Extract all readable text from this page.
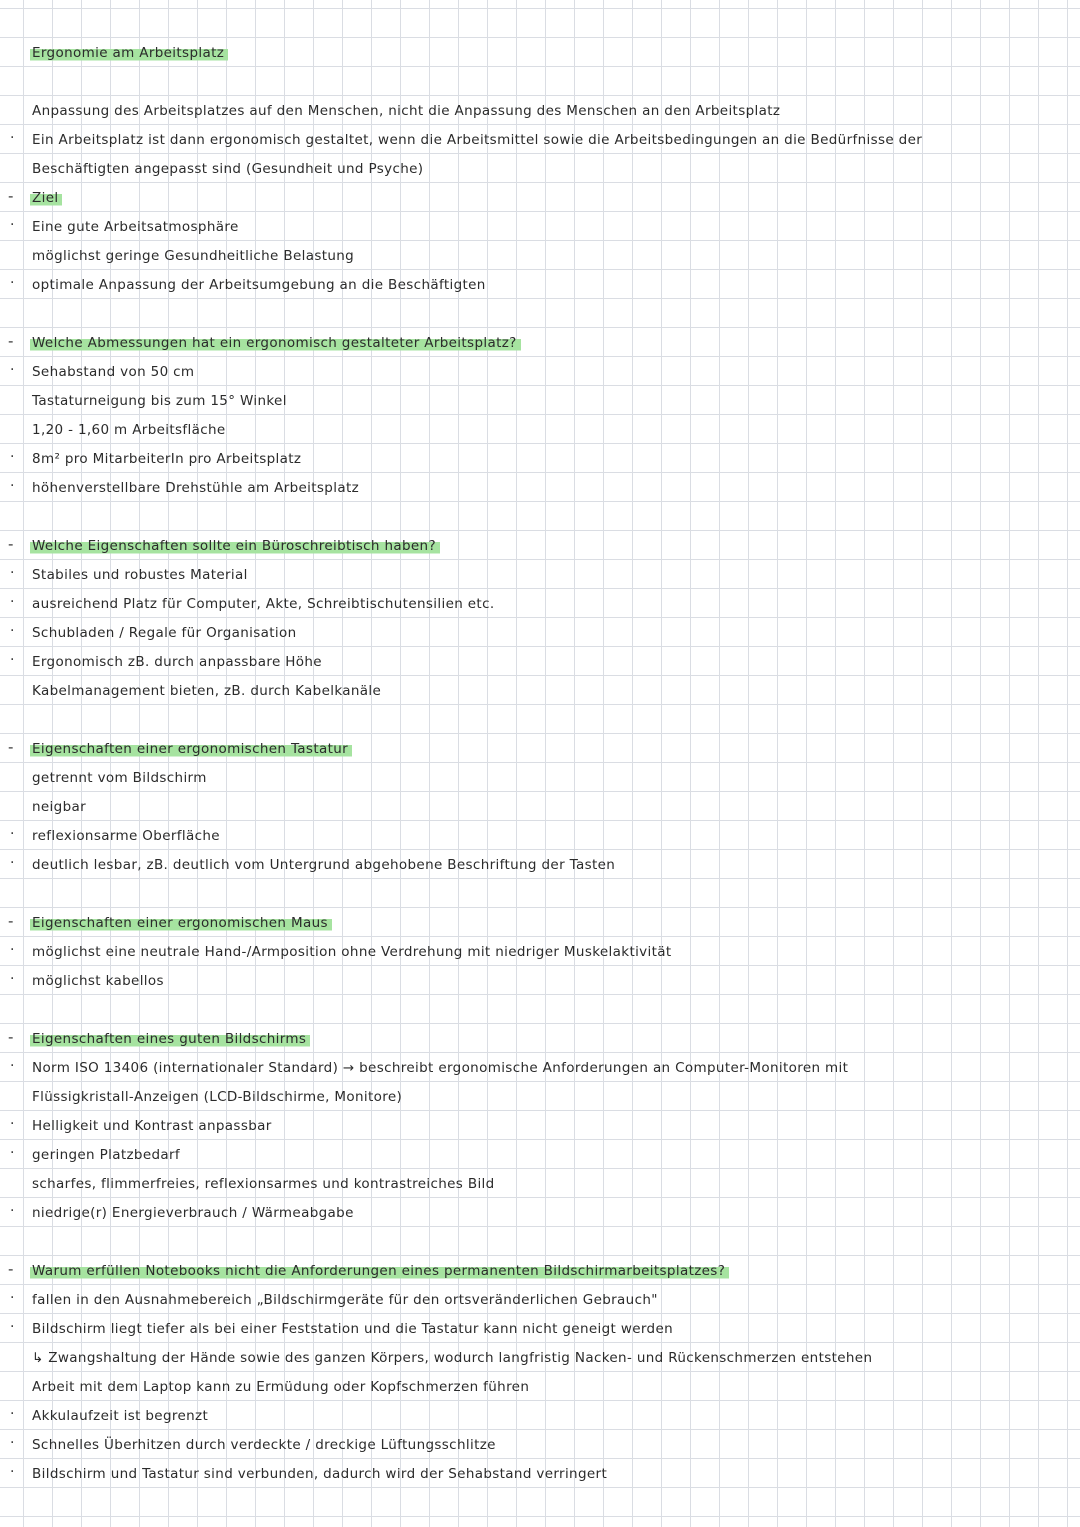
Ergonomie am Arbeitsplatz
Anpassung des Arbeitsplatzes auf den Menschen, nicht die Anpassung des Menschen an den Arbeitsplatz
· Ein Arbeitsplatz ist dann ergonomisch gestaltet, wenn die Arbeitsmittel sowie die Arbeitsbedingungen an die Bedürfnisse der
Beschäftigten angepasst sind (Gesundheit und Psyche)
- Ziel
· Eine gute Arbeitsatmosphäre
möglichst geringe Gesundheitliche Belastung
· optimale Anpassung der Arbeitsumgebung an die Beschäftigten
- Welche Abmessungen hat ein ergonomisch gestalteter Arbeitsplatz?
· Sehabstand von 50 cm
Tastaturneigung bis zum 15° Winkel
1,20 - 1,60 m Arbeitsfläche
· 8m² pro MitarbeiterIn pro Arbeitsplatz
· höhenverstellbare Drehstühle am Arbeitsplatz
- Welche Eigenschaften sollte ein Büroschreibtisch haben?
· Stabiles und robustes Material
· ausreichend Platz für Computer, Akte, Schreibtischutensilien etc.
· Schubladen / Regale für Organisation
· Ergonomisch zB. durch anpassbare Höhe
Kabelmanagement bieten, zB. durch Kabelkanäle
- Eigenschaften einer ergonomischen Tastatur
getrennt vom Bildschirm
neigbar
· reflexionsarme Oberfläche
· deutlich lesbar, zB. deutlich vom Untergrund abgehobene Beschriftung der Tasten
- Eigenschaften einer ergonomischen Maus
· möglichst eine neutrale Hand-/Armposition ohne Verdrehung mit niedriger Muskelaktivität
· möglichst kabellos
- Eigenschaften eines guten Bildschirms
· Norm ISO 13406 (internationaler Standard) → beschreibt ergonomische Anforderungen an Computer-Monitoren mit
Flüssigkristall-Anzeigen (LCD-Bildschirme, Monitore)
· Helligkeit und Kontrast anpassbar
· geringen Platzbedarf
scharfes, flimmerfreies, reflexionsarmes und kontrastreiches Bild
· niedrige(r) Energieverbrauch / Wärmeabgabe
- Warum erfüllen Notebooks nicht die Anforderungen eines permanenten Bildschirmarbeitsplatzes?
· fallen in den Ausnahmebereich „Bildschirmgeräte für den ortsveränderlichen Gebrauch"
· Bildschirm liegt tiefer als bei einer Feststation und die Tastatur kann nicht geneigt werden
↳ Zwangshaltung der Hände sowie des ganzen Körpers, wodurch langfristig Nacken- und Rückenschmerzen entstehen
Arbeit mit dem Laptop kann zu Ermüdung oder Kopfschmerzen führen
· Akkulaufzeit ist begrenzt
· Schnelles Überhitzen durch verdeckte / dreckige Lüftungsschlitze
· Bildschirm und Tastatur sind verbunden, dadurch wird der Sehabstand verringert
